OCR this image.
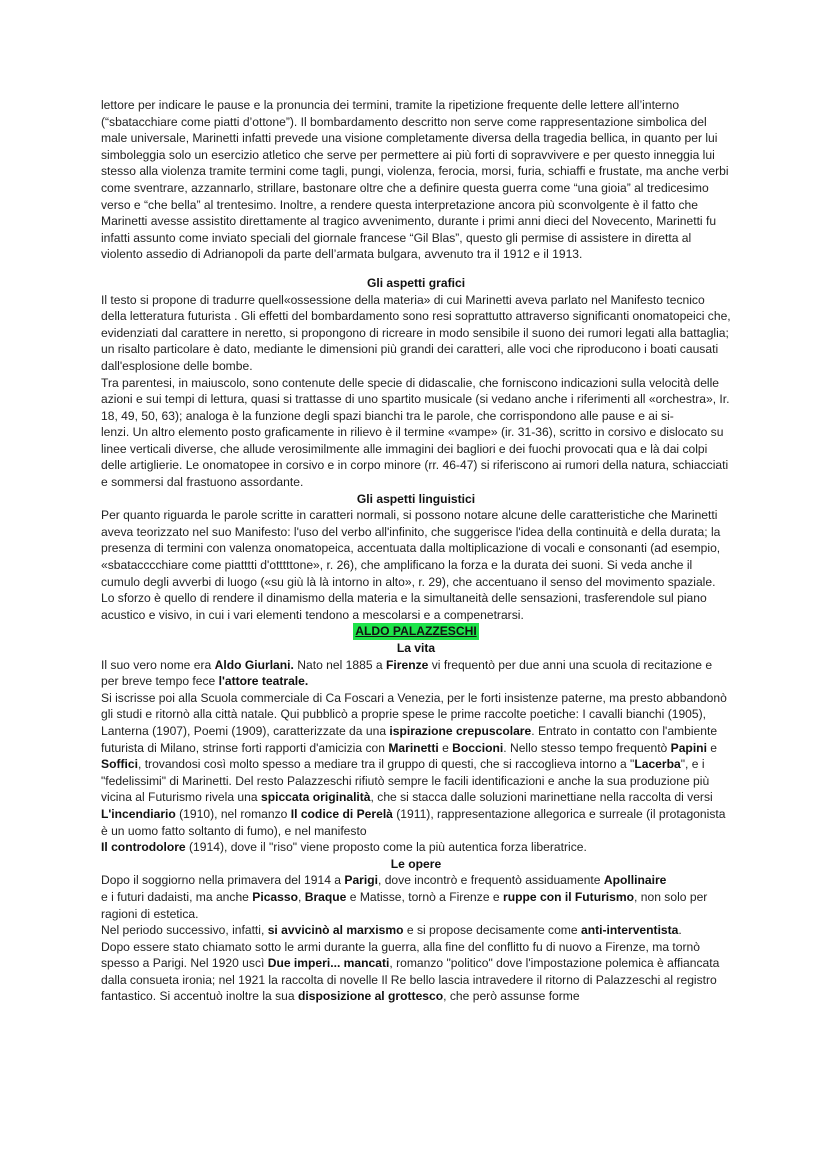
lettore per indicare le pause e la pronuncia dei termini, tramite la ripetizione frequente delle lettere all’interno (“sbatacchiare come piatti d’ottone”). Il bombardamento descritto non serve come rappresentazione simbolica del male universale, Marinetti infatti prevede una visione completamente diversa della tragedia bellica, in quanto per lui simboleggia solo un esercizio atletico che serve per permettere ai più forti di sopravvivere e per questo inneggia lui stesso alla violenza tramite termini come tagli, pungi, violenza, ferocia, morsi, furia, schiaffi e frustate, ma anche verbi come sventrare, azzannarlo, strillare, bastonare oltre che a definire questa guerra come “una gioia” al tredicesimo verso e “che bella” al trentesimo. Inoltre, a rendere questa interpretazione ancora più sconvolgente è il fatto che Marinetti avesse assistito direttamente al tragico avvenimento, durante i primi anni dieci del Novecento, Marinetti fu infatti assunto come inviato speciali del giornale francese “Gil Blas”, questo gli permise di assistere in diretta al violento assedio di Adrianopoli da parte dell’armata bulgara, avvenuto tra il 1912 e il 1913.

Gli aspetti grafici

Il testo si propone di tradurre quell«ossessione della materia» di cui Marinetti aveva parlato nel Manifesto tecnico della letteratura futurista . Gli effetti del bombardamento sono resi soprattutto attraverso significanti onomatopeici che, evidenziati dal carattere in neretto, si propongono di ricreare in modo sensibile il suono dei rumori legati alla battaglia; un risalto particolare è dato, mediante le dimensioni più grandi dei caratteri, alle voci che riproducono i boati causati dall'esplosione delle bombe.

Tra parentesi, in maiuscolo, sono contenute delle specie di didascalie, che forniscono indicazioni sulla velocità delle azioni e sui tempi di lettura, quasi si trattasse di uno spartito musicale (si vedano anche i riferimenti all «orchestra», Ir. 18, 49, 50, 63); analoga è la funzione degli spazi bianchi tra le parole, che corrispondono alle pause e ai si-

lenzi. Un altro elemento posto graficamente in rilievo è il termine «vampe» (ir. 31-36), scritto in corsivo e dislocato su linee verticali diverse, che allude verosimilmente alle immagini dei bagliori e dei fuochi provocati qua e là dai colpi delle artiglierie. Le onomatopee in corsivo e in corpo minore (rr. 46-47) si riferiscono ai rumori della natura, schiacciati e sommersi dal frastuono assordante.

Gli aspetti linguistici

Per quanto riguarda le parole scritte in caratteri normali, si possono notare alcune delle caratteristiche che Marinetti aveva teorizzato nel suo Manifesto: l'uso del verbo all'infinito, che suggerisce l'idea della continuità e della durata; la presenza di termini con valenza onomatopeica, accentuata dalla moltiplicazione di vocali e consonanti (ad esempio, «sbatacccchiare come piatttti d'otttttone», r. 26), che amplificano la forza e la durata dei suoni. Si veda anche il cumulo degli avverbi di luogo («su giù là là intorno in alto», r. 29), che accentuano il senso del movimento spaziale. Lo sforzo è quello di rendere il dinamismo della materia e la simultaneità delle sensazioni, trasferendole sul piano acustico e visivo, in cui i vari elementi tendono a mescolarsi e a compenetrarsi.

ALDO PALAZZESCHI

La vita

Il suo vero nome era Aldo Giurlani. Nato nel 1885 a Firenze vi frequentò per due anni una scuola di recitazione e per breve tempo fece l'attore teatrale.

Si iscrisse poi alla Scuola commerciale di Ca Foscari a Venezia, per le forti insistenze paterne, ma presto abbandonò gli studi e ritornò alla città natale. Qui pubblicò a proprie spese le prime raccolte poetiche: I cavalli bianchi (1905), Lanterna (1907), Poemi (1909), caratterizzate da una ispirazione crepuscolare. Entrato in contatto con l'ambiente futurista di Milano, strinse forti rapporti d'amicizia con Marinetti e Boccioni. Nello stesso tempo frequentò Papini e Soffici, trovandosi così molto spesso a mediare tra il gruppo di questi, che si raccoglieva intorno a "Lacerba", e i "fedelissimi" di Marinetti. Del resto Palazzeschi rifiutò sempre le facili identificazioni e anche la sua produzione più vicina al Futurismo rivela una spiccata originalità, che si stacca dalle soluzioni marinettiane nella raccolta di versi L'incendiario (1910), nel romanzo Il codice di Perelà (1911), rappresentazione allegorica e surreale (il protagonista è un uomo fatto soltanto di fumo), e nel manifesto
Il controdolore (1914), dove il "riso" viene proposto come la più autentica forza liberatrice.

Le opere

Dopo il soggiorno nella primavera del 1914 a Parigi, dove incontrò e frequentò assiduamente Apollinaire
e i futuri dadaisti, ma anche Picasso, Braque e Matisse, tornò a Firenze e ruppe con il Futurismo, non solo per ragioni di estetica.

Nel periodo successivo, infatti, si avvicinò al marxismo e si propose decisamente come anti-interventista.

Dopo essere stato chiamato sotto le armi durante la guerra, alla fine del conflitto fu di nuovo a Firenze, ma tornò spesso a Parigi. Nel 1920 uscì Due imperi... mancati, romanzo "politico" dove l'impostazione polemica è affiancata dalla consueta ironia; nel 1921 la raccolta di novelle Il Re bello lascia intravedere il ritorno di Palazzeschi al registro fantastico. Si accentuò inoltre la sua disposizione al grottesco, che però assunse forme
